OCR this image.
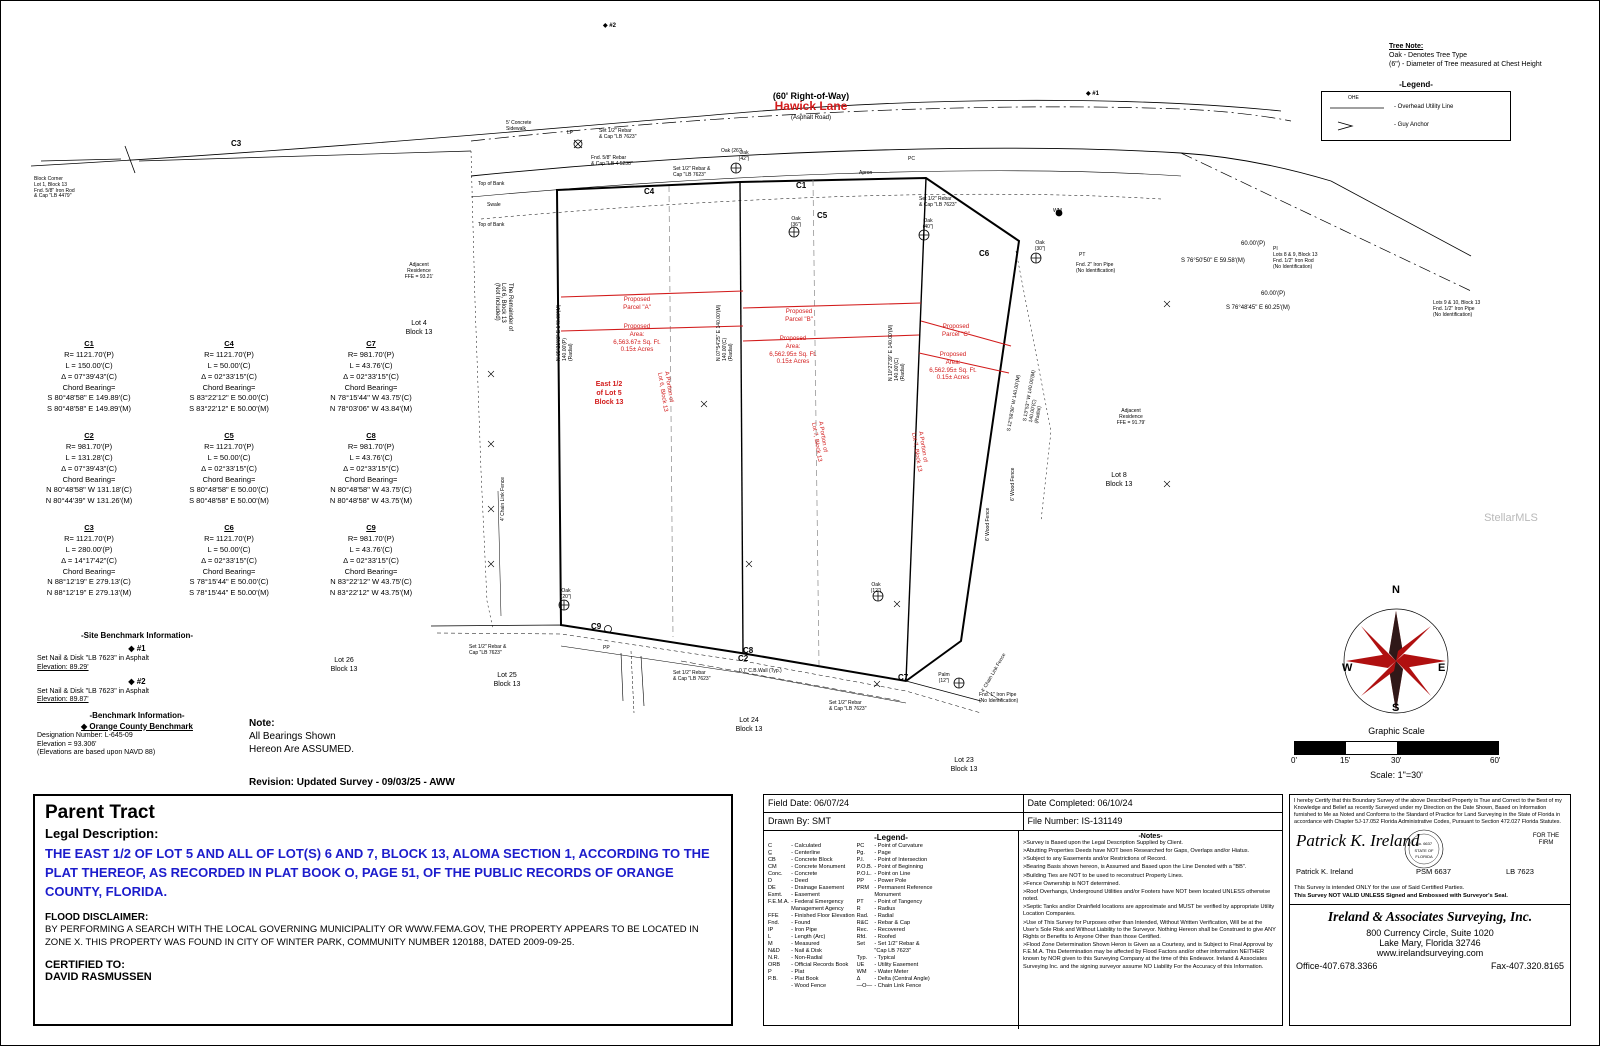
StellarMLS
(60' Right-of-Way)
Hawick Lane
(Asphalt Road)
◆ #1
◆ #2
Block Corner
Lot 1, Block 13
Fnd. 5/8" Iron Rod
& Cap "LB 4479"
Adjacent
Residence
FFE = 93.21'
Adjacent
Residence
FFE = 91.79'
Lot 4
Block 13
Lot 8
Block 13
Lot 23
Block 13
Lot 24
Block 13
Lot 25
Block 13
Lot 26
Block 13
The Remainder of
Lot 6, Block 13
(Not Included)
East 1/2
of Lot 5
Block 13
Proposed
Parcel "A"
Proposed
Area:
6,563.67± Sq. Ft.
0.15± Acres
Proposed
Parcel "B"
Proposed
Area:
6,562.95± Sq. Ft.
0.15± Acres
Proposed
Parcel "C"
Proposed
Area:
6,562.95± Sq. Ft.
0.15± Acres
A Portion of
Lot 6, Block 13
A Portion of
Lot 7, Block 13	A Portion of
Lot 7, Block 13
N 05°21'02" E 140.00'(M)
140.00'(P)
(Radial)	N 07°54'25" E 140.00'(M)
140.00'(C)
(Radial)
N 10°27'39" E 140.00'(M)
140.00'(C)
(Radial)	S 13°53'″ W 140.00'(M)
140.00'(C)
(Radial)
S 12°58'36" W 140.00'(M)
60.00'(P)
S 76°50'50" E 59.58'(M)
60.00'(P)
S 76°48'45" E 60.25'(M)
Fnd. 2" Iron Pipe
(No Identification)
Lots 8 & 9, Block 13
Fnd. 1/2" Iron Rod
(No Identification)
Lots 9 & 10, Block 13
Fnd. 1/2" Iron Pipe
(No Identification)
Fnd. 1" Iron Pipe
(No Identification)
Set 1/2" Rebar
& Cap "LB 7623"
Fnd. 5/8" Rebar
& Cap "LB 4 5238"
Set 1/2" Rebar &
Cap "LB 7623"
Set 1/2" Rebar
& Cap "LB 7623"
Set 1/2" Rebar &
Cap "LB 7623"
Set 1/2" Rebar
& Cap "LB 7623"
Set 1/2" Rebar
& Cap "LB 7623"
5' Concrete
Sidewalk
Top of Bank
Top of Bank
Swale
Apron
4' Chain Link Fence
6' Wood Fence
6' Wood Fence
4' Chain Link Fence
0.7' C.B.Wall (Typ.)
Palm
(12")
Oak
(20")
Oak
(36")
Oak
(12")
Oak
(30")
Oak
(40")
Oak (26")
Oak
(42")
WM
PP
LP
PT
PC
PI
C1
C2
C3
C4
C5
C6
C7
C8
C9
Tree Note:
Oak - Denotes Tree Type
(6") - Diameter of Tree measured at Chest Height
-Legend-
OHE
- Overhead Utility Line
- Guy Anchor
C1
R= 1121.70'(P)
L = 150.00'(C)
Δ = 07°39'43"(C)
Chord Bearing=
S 80°48'58" E 149.89'(C)
S 80°48'58" E 149.89'(M)
C4
R= 1121.70'(P)
L = 50.00'(C)
Δ = 02°33'15"(C)
Chord Bearing=
S 83°22'12" E 50.00'(C)
S 83°22'12" E 50.00'(M)
C7
R= 981.70'(P)
L = 43.76'(C)
Δ = 02°33'15"(C)
Chord Bearing=
N 78°15'44" W 43.75'(C)
N 78°03'06" W 43.84'(M)
C2
R= 981.70'(P)
L = 131.28'(C)
Δ = 07°39'43"(C)
Chord Bearing=
N 80°48'58" W 131.18'(C)
N 80°44'39" W 131.26'(M)
C5
R= 1121.70'(P)
L = 50.00'(C)
Δ = 02°33'15"(C)
Chord Bearing=
S 80°48'58" E 50.00'(C)
S 80°48'58" E 50.00'(M)
C8
R= 981.70'(P)
L = 43.76'(C)
Δ = 02°33'15"(C)
Chord Bearing=
N 80°48'58" W 43.75'(C)
N 80°48'58" W 43.75'(M)
C3
R= 1121.70'(P)
L = 280.00'(P)
Δ = 14°17'42"(C)
Chord Bearing=
N 88°12'19" E 279.13'(C)
N 88°12'19" E 279.13'(M)
C6
R= 1121.70'(P)
L = 50.00'(C)
Δ = 02°33'15"(C)
Chord Bearing=
S 78°15'44" E 50.00'(C)
S 78°15'44" E 50.00'(M)
C9
R= 981.70'(P)
L = 43.76'(C)
Δ = 02°33'15"(C)
Chord Bearing=
N 83°22'12" W 43.75'(C)
N 83°22'12" W 43.75'(M)
-Site Benchmark Information-
◆ #1
Set Nail & Disk "LB 7623" in Asphalt
Elevation: 89.29'
◆ #2
Set Nail & Disk "LB 7623" in Asphalt
Elevation: 89.87'
-Benchmark Information-
◆ Orange County Benchmark
Designation Number: L-645-09
Elevation = 93.306'
(Elevations are based upon NAVD 88)
Note:
All Bearings Shown
Hereon Are ASSUMED.
Revision: Updated Survey - 09/03/25 - AWW
Graphic Scale
0'	15'	30'	60'
Scale: 1"=30'
N
S
E
W
Parent Tract
Legal Description:
THE EAST 1/2 OF LOT 5 AND ALL OF LOT(S) 6 AND 7, BLOCK 13, ALOMA SECTION 1, ACCORDING TO THE PLAT THEREOF, AS RECORDED IN PLAT BOOK O, PAGE 51, OF THE PUBLIC RECORDS OF ORANGE COUNTY, FLORIDA.
FLOOD DISCLAIMER:
BY PERFORMING A SEARCH WITH THE LOCAL GOVERNING MUNICIPALITY OR WWW.FEMA.GOV, THE PROPERTY APPEARS TO BE LOCATED IN ZONE X. THIS PROPERTY WAS FOUND IN CITY OF WINTER PARK, COMMUNITY NUMBER 120188, DATED 2009-09-25.
CERTIFIED TO:
DAVID RASMUSSEN
Field Date: 06/07/24	Date Completed: 06/10/24
Drawn By: SMT	File Number: IS-131149
-Legend-
C	- Calculated	PC	- Point of Curvature
C̲	- Centerline	Pg.	- Page
CB	- Concrete Block	P.I.	- Point of Intersection
CM	- Concrete Monument	P.O.B.	- Point of Beginning
Conc.	- Concrete	P.O.L.	- Point on Line
D	- Deed	PP	- Power Pole
DE	- Drainage Easement	PRM	- Permanent Reference
Esmt.	- Easement		Monument
F.E.M.A.	- Federal Emergency	PT	- Point of Tangency
	Management Agency	R	- Radius
FFE	- Finished Floor Elevation	Rad.	- Radial
Fnd.	- Found	R&C	- Rebar & Cap
IP	- Iron Pipe	Rec.	- Recovered
L	- Length (Arc)	Rfd.	- Roofed
M	- Measured	Set	- Set 1/2" Rebar &
N&D	- Nail & Disk		"Cap LB 7623"
N.R.	- Non-Radial	Typ.	- Typical
ORB	- Official Records Book	UE	- Utility Easement
P	- Plat	WM	- Water Meter
P.B.	- Plat Book	Δ	- Delta (Central Angle)
	- Wood Fence	—O—	- Chain Link Fence
-Notes-
>Survey is Based upon the Legal Description Supplied by Client.
>Abutting Properties Deeds have NOT been Researched for Gaps, Overlaps and/or Hiatus.
>Subject to any Easements and/or Restrictions of Record.
>Bearing Basis shown hereon, is Assumed and Based upon the Line Denoted with a "BB".
>Building Ties are NOT to be used to reconstruct Property Lines.
>Fence Ownership is NOT determined.
>Roof Overhangs, Underground Utilities and/or Footers have NOT been located UNLESS otherwise noted.
>Septic Tanks and/or Drainfield locations are approximate and MUST be verified by appropriate Utility Location Companies.
>Use of This Survey for Purposes other than Intended, Without Written Verification, Will be at the User's Sole Risk and Without Liability to the Surveyor. Nothing Hereon shall be Construed to give ANY Rights or Benefits to Anyone Other than those Certified.
>Flood Zone Determination Shown Heron is Given as a Courtesy, and is Subject to Final Approval by F.E.M.A. This Determination may be affected by Flood Factors and/or other information NEITHER known by NOR given to this Surveying Company at the time of this Endeavor. Ireland & Associates Surveying Inc. and the signing surveyor assume NO Liability For the Accuracy of this Information.
I hereby Certify that this Boundary Survey of the above Described Property is True and Correct to the Best of my Knowledge and Belief as recently Surveyed under my Direction on the Date Shown, Based on Information furnished to Me as Noted and Conforms to the Standard of Practice for Land Surveying in the State of Florida in accordance with Chapter 5J-17.052 Florida Administrative Codes, Pursuant to Section 472.027 Florida Statutes.
Patrick K. Ireland
No. 6637
STATE OF
FLORIDA
FOR THE FIRM
Patrick K. Ireland	PSM 6637	LB 7623
This Survey is intended ONLY for the use of Said Certified Parties.
This Survey NOT VALID UNLESS Signed and Embossed with Surveyor's Seal.
Ireland & Associates Surveying, Inc.
800 Currency Circle, Suite 1020
Lake Mary, Florida 32746
www.irelandsurveying.com
Office-407.678.3366	Fax-407.320.8165
